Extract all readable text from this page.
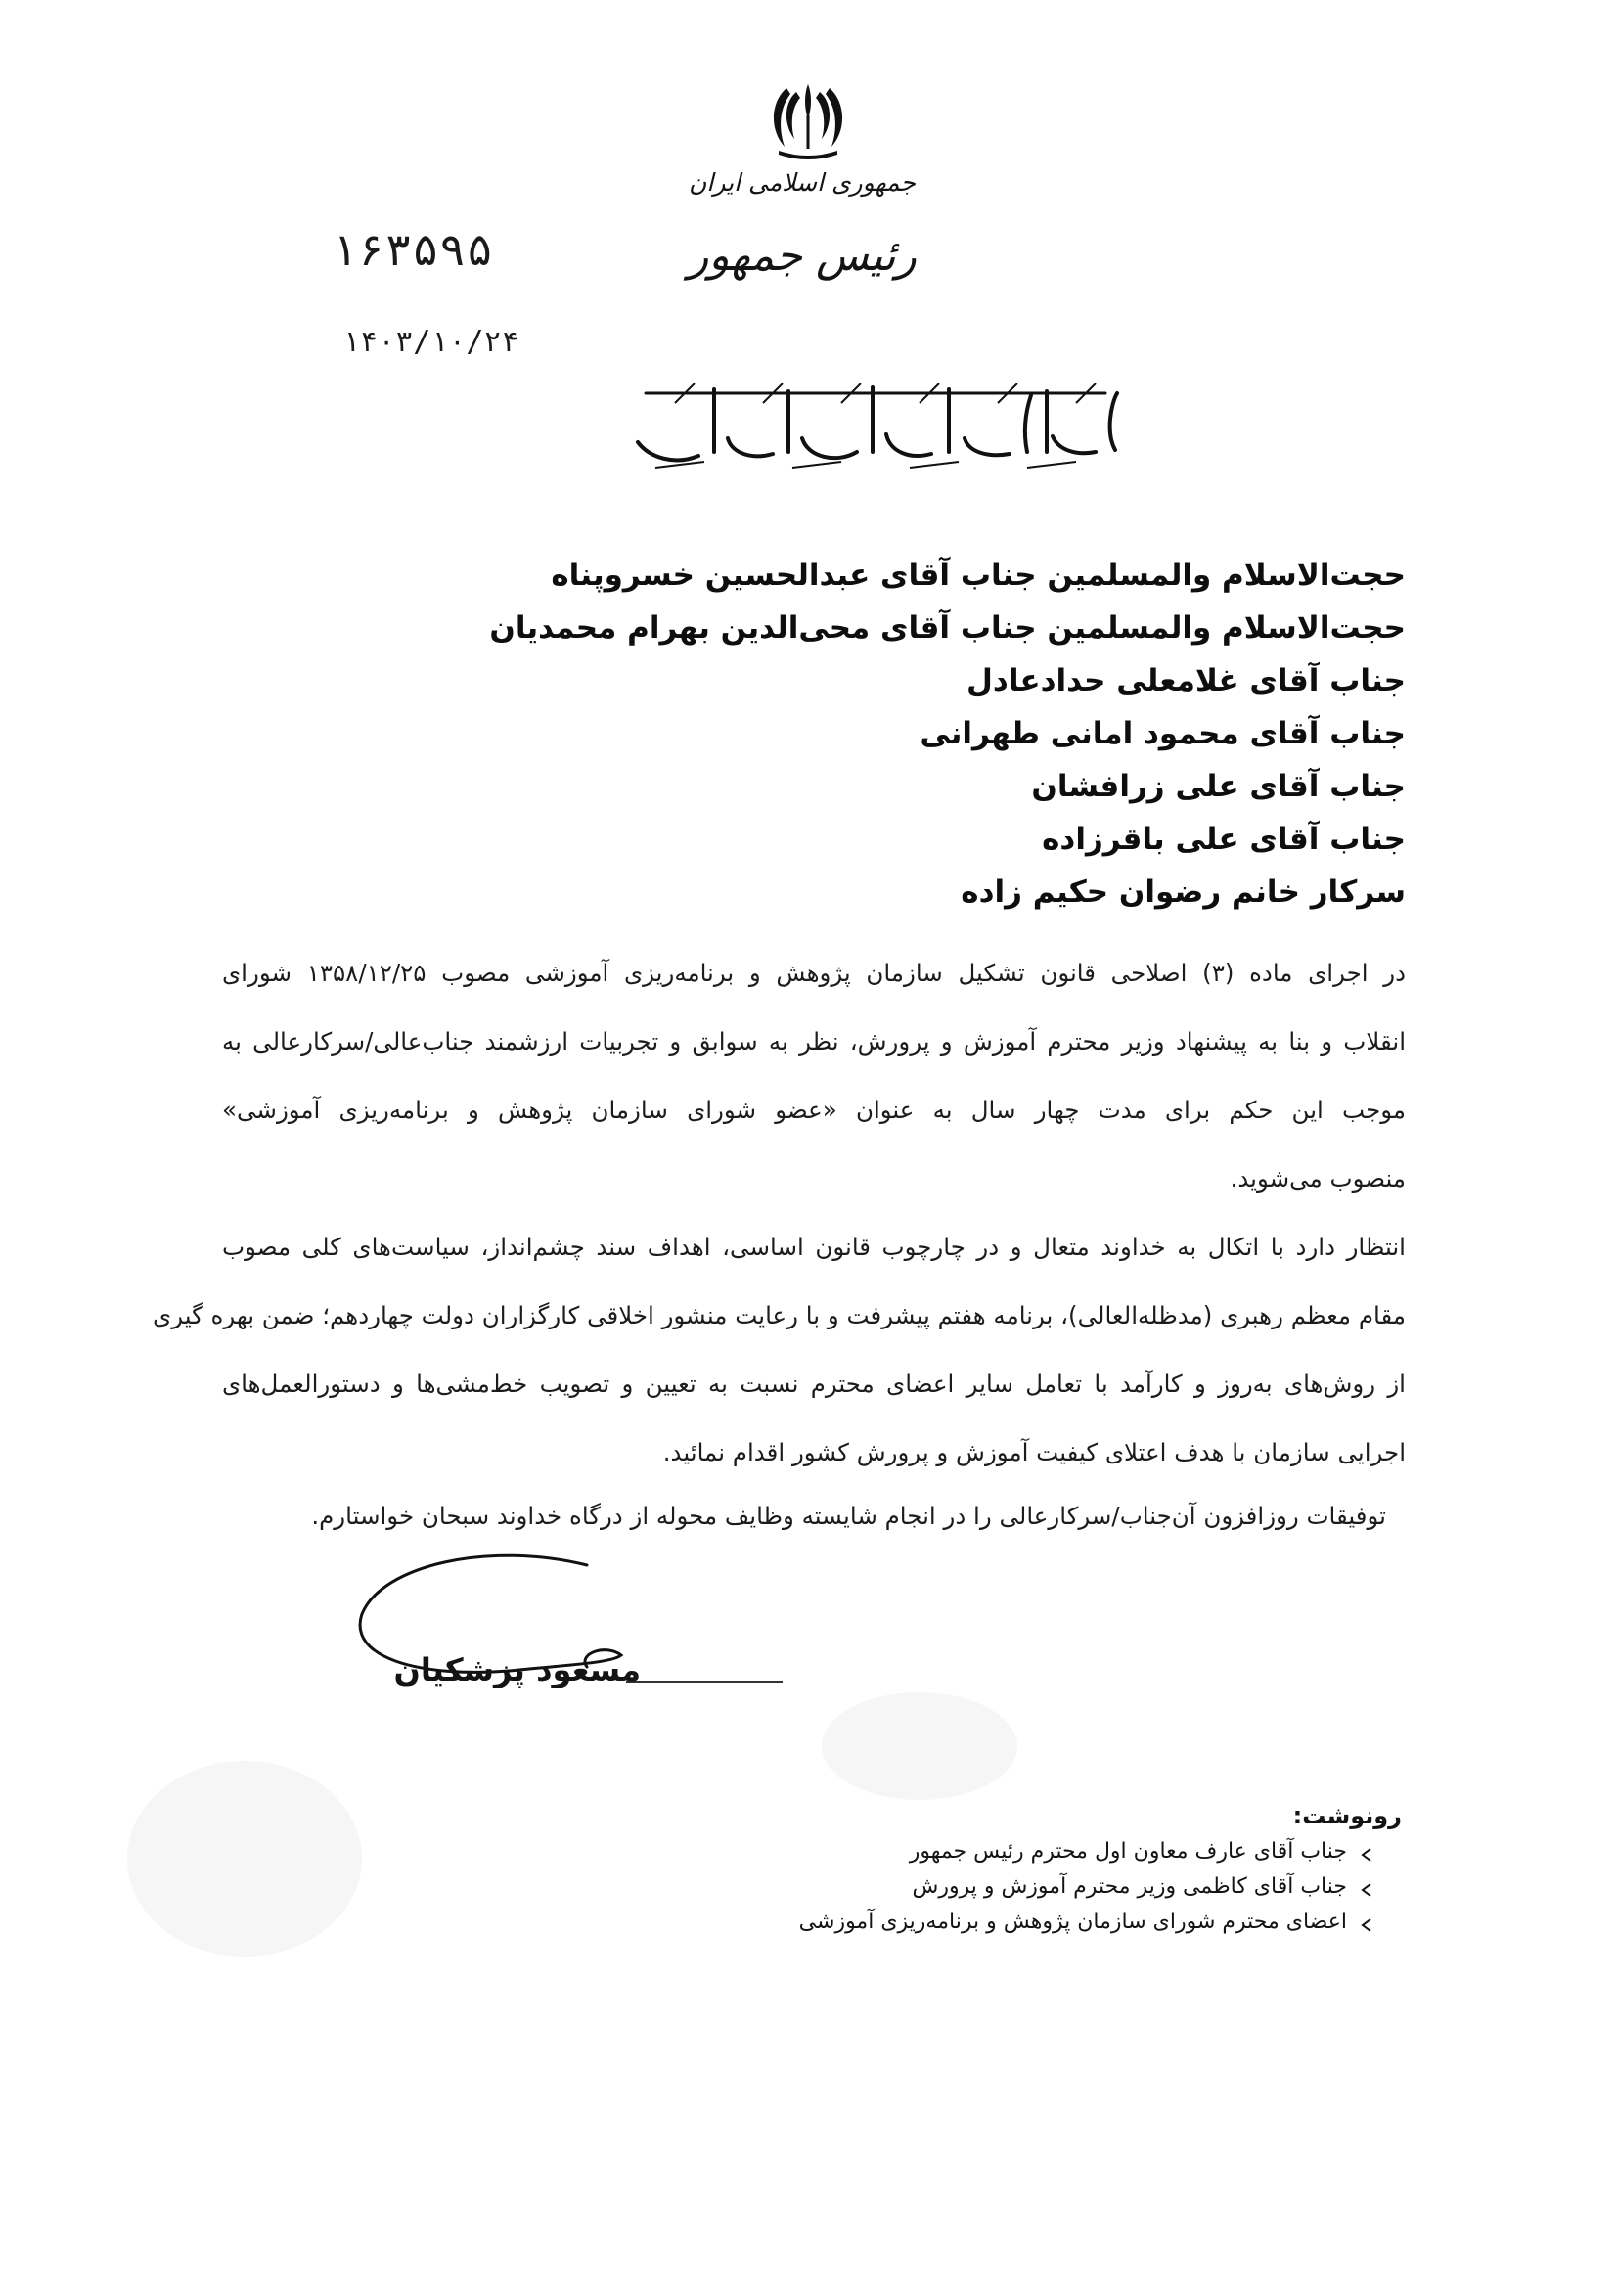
جمهوری اسلامی ایران
رئیس جمهور
۱۶۳۵۹۵
۱۴۰۳/۱۰/۲۴
حجت‌الاسلام والمسلمین جناب آقای عبدالحسین خسروپناه
حجت‌الاسلام والمسلمین جناب آقای محی‌الدین بهرام محمدیان
جناب آقای غلامعلی حدادعادل
جناب آقای محمود امانی طهرانی
جناب آقای علی زرافشان
جناب آقای علی باقرزاده
سرکار خانم رضوان حکیم زاده
در اجرای ماده (۳) اصلاحی قانون تشکیل سازمان پژوهش و برنامه‌ریزی آموزشی مصوب ۱۳۵۸/۱۲/۲۵ شورای
انقلاب و بنا به پیشنهاد وزیر محترم آموزش و پرورش، نظر به سوابق و تجربیات ارزشمند جناب‌عالی/سرکارعالی به
موجب این حکم برای مدت چهار سال به عنوان «عضو شورای سازمان پژوهش و برنامه‌ریزی آموزشی»
منصوب می‌شوید.
انتظار دارد با اتکال به خداوند متعال و در چارچوب قانون اساسی، اهداف سند چشم‌انداز، سیاست‌های کلی مصوب
مقام معظم رهبری (مدظله‌العالی)، برنامه هفتم پیشرفت و با رعایت منشور اخلاقی کارگزاران دولت چهاردهم؛ ضمن بهره گیری
از روش‌های به‌روز و کارآمد با تعامل سایر اعضای محترم نسبت به تعیین و تصویب خط‌مشی‌ها و دستورالعمل‌های
اجرایی سازمان با هدف اعتلای کیفیت آموزش و پرورش کشور اقدام نمائید.
توفیقات روزافزون آن‌جناب/سرکارعالی را در انجام شایسته وظایف محوله از درگاه خداوند سبحان خواستارم.
مسعود پزشکیان
رونوشت:
جناب آقای عارف معاون اول محترم رئیس جمهور
جناب آقای کاظمی وزیر محترم آموزش و پرورش
اعضای محترم شورای سازمان پژوهش و برنامه‌ریزی آموزشی
